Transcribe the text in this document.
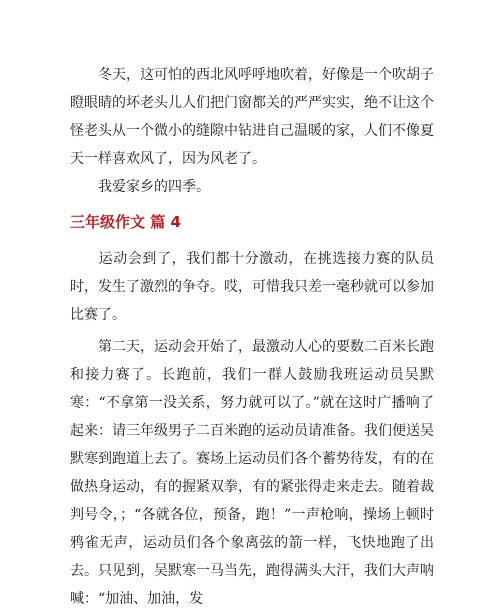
冬天，这可怕的西北风呼呼地吹着，好像是一个吹胡子瞪眼睛的坏老头儿人们把门窗都关的严严实实，绝不让这个怪老头从一个微小的缝隙中钻进自己温暖的家，人们不像夏天一样喜欢风了，因为风老了。

我爱家乡的四季。

三年级作文 篇 4

运动会到了，我们都十分激动，在挑选接力赛的队员时，发生了激烈的争夺。哎，可惜我只差一毫秒就可以参加比赛了。

第二天，运动会开始了，最激动人心的要数二百米长跑和接力赛了。长跑前，我们一群人鼓励我班运动员吴默寒：“不拿第一没关系，努力就可以了。”就在这时广播响了起来：请三年级男子二百米跑的运动员请准备。我们便送吴默寒到跑道上去了。赛场上运动员们各个蓄势待发，有的在做热身运动，有的握紧双拳，有的紧张得走来走去。随着裁判号令，；“各就各位，预备，跑！”一声枪响，操场上顿时鸦雀无声，运动员们各个象离弦的箭一样，飞快地跑了出去。只见到，吴默寒一马当先，跑得满头大汗，我们大声呐喊：“加油、加油，发
